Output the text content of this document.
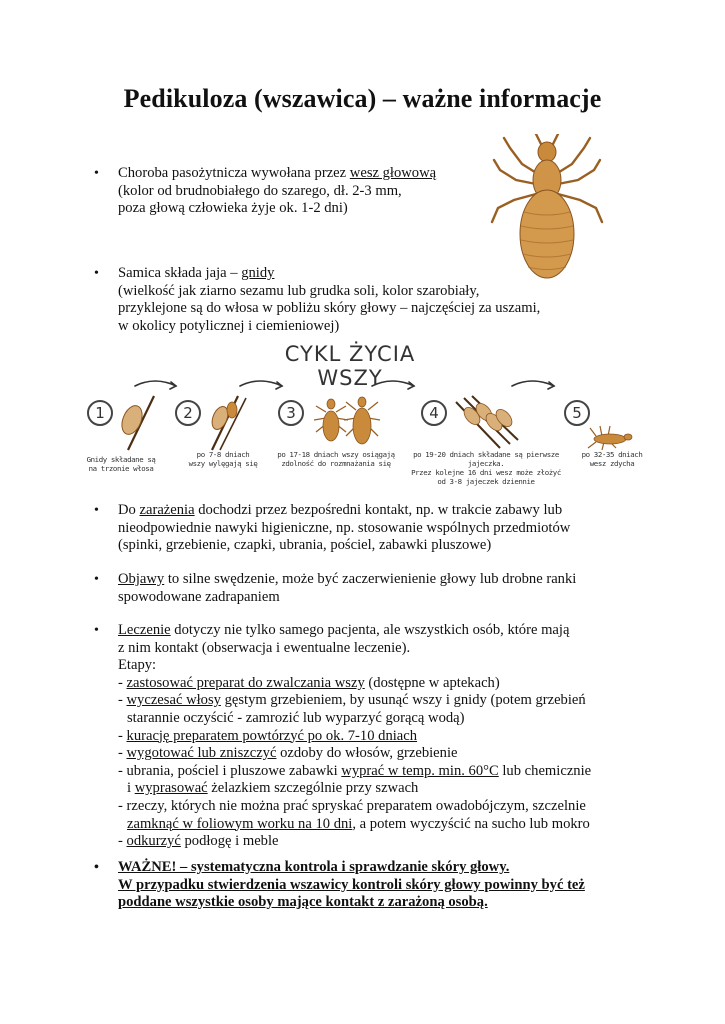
Pedikuloza (wszawica) – ważne informacje

• Choroba pasożytnicza wywołana przez wesz głowową

(kolor od brudnobiałego do szarego, dł. 2-3 mm,

poza głową człowieka żyje ok. 1-2 dni)

• Samica składa jaja – gnidy

(wielkość jak ziarno sezamu lub grudka soli, kolor szarobiały,

przyklejone są do włosa w pobliżu skóry głowy – najczęściej za uszami,

w okolicy potylicznej i ciemieniowej)

CYKL ŻYCIA WSZY
1	2	3	4	5
Gnidy składane są
na trzonie włosa
po 7-8 dniach
wszy wylęgają się
po 17-18 dniach wszy osiągają
zdolność do rozmnażania się
po 19-20 dniach składane są pierwsze jajeczka.
Przez kolejne 16 dni wesz może złożyć
od 3-8 jajeczek dziennie
po 32-35 dniach
wesz zdycha

• Do zarażenia dochodzi przez bezpośredni kontakt, np. w trakcie zabawy lub

nieodpowiednie nawyki higieniczne, np. stosowanie wspólnych przedmiotów

(spinki, grzebienie, czapki, ubrania, pościel, zabawki pluszowe)

• Objawy to silne swędzenie, może być zaczerwienienie głowy lub drobne ranki

spowodowane zadrapaniem

• Leczenie dotyczy nie tylko samego pacjenta, ale wszystkich osób, które mają

z nim kontakt (obserwacja i ewentualne leczenie).

Etapy:

- zastosować preparat do zwalczania wszy (dostępne w aptekach)

- wyczesać włosy gęstym grzebieniem, by usunąć wszy i gnidy (potem grzebień

starannie oczyścić - zamrozić lub wyparzyć gorącą wodą)

- kurację preparatem powtórzyć po ok. 7-10 dniach

- wygotować lub zniszczyć ozdoby do włosów, grzebienie

- ubrania, pościel i pluszowe zabawki wyprać w temp. min. 60°C lub chemicznie

i wyprasować żelazkiem szczególnie przy szwach

- rzeczy, których nie można prać spryskać preparatem owadobójczym, szczelnie

zamknąć w foliowym worku na 10 dni, a potem wyczyścić na sucho lub mokro

- odkurzyć podłogę i meble

• WAŻNE! – systematyczna kontrola i sprawdzanie skóry głowy.

W przypadku stwierdzenia wszawicy kontroli skóry głowy powinny być też

poddane wszystkie osoby mające kontakt z zarażoną osobą.
